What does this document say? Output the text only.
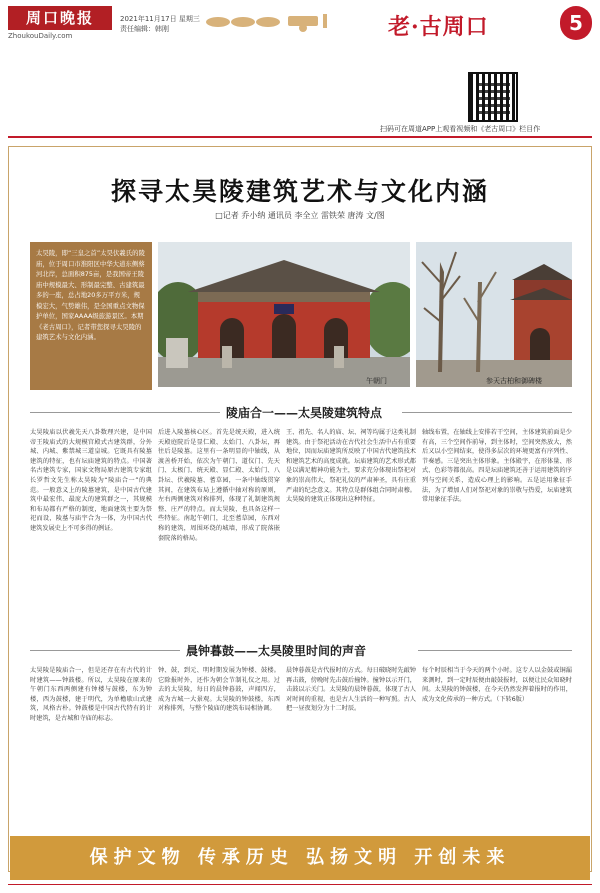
周口晚报
ZhoukouDaily.com
2021年11月17日 星期三
责任编辑：韩刚	老·古周口	5
扫码可在周道APP上观看视频和《老古周口》栏目作
探寻太昊陵建筑艺术与文化内涵
□记者 乔小纳 通讯员 李全立 雷铁荣 唐涛 文/图
太昊陵，即“三皇之首”太昊伏羲氏的陵庙，位于周口市淮阳区中华大道东侧蔡河北岸，总面积875亩，是我国帝王陵庙中规模最大、形制最完整、古建筑最多的一座，总占地20多万平方米，规模宏大，气势雄伟，是全国重点文物保护单位，国家AAAA级旅游景区。本期《老古周口》，记者带您探寻太昊陵的建筑艺术与文化内涵。
午朝门	参天古柏和御碑楼
陵庙合一——太昊陵建筑特点
太昊陵庙以伏羲先天八卦数理兴建，是中国帝王陵庙式的大规模宫殿式古建筑群，分外城、内城、紫禁城三道皇城。它既具有陵墓建筑的特征，也有坛庙建筑的特点。中国著名古建筑专家，国家文物局原古建筑专家组长罗哲文先生称太昊陵为“陵庙合一”的典范。一般意义上的陵墓建筑，是中国古代建筑中最宏伟、最庞大的建筑群之一，其规模和布局都有严格的制度，地面建筑主要为祭祀而设，陵墓与庙宇合为一体，为中国古代建筑发展史上不可多得的例证。
后进入陵墓核心区。首先是统天殿，进入统天殿庭院后是显仁殿、太始门、八卦坛，再往后是陵墓。这里有一条明显的中轴线，从渡善桥开始，依次为午朝门、道仪门、先天门、太极门、统天殿、显仁殿、太始门、八卦坛、伏羲陵墓、蓍草园，一条中轴线贯穿其间，在建筑布局上遵循中轴对称的原则，左右两侧建筑对称排列，体现了礼制建筑规整、庄严的特点。而太昊陵，也具备这样一些特征。南起午朝门，北至蓍草园，东西对称的建筑，周围环绕的城墙，形成了院落嵌套院落的格局。
王、祖先、名人的庙、坛、祠等均属于这类礼制建筑。由于祭祀活动在古代社会生活中占有重要地位，因而坛庙建筑所反映了中国古代建筑技术和建筑艺术的高度成就。坛庙建筑的艺术形式都是以满足精神功能为主，要求充分体现出祭祀对象的崇高伟大，祭祀礼仪的严肃神圣，具有庄重严肃的纪念意义。其特点是群体组合同时肃穆。太昊陵的建筑正体现出这种特征。
轴线布置，在轴线上安排若干空间，主体建筑前面是少有高，三个空间作前导，到主体时，空间突然放大，然后又以小空间结束，使得多层次的环境更富有序列性、节奏感。三是突出主体形象。主体殿宇，在形体量、形式、色彩等都很高。四是坛庙建筑还善于运用建筑的序列与空间关系，造成心理上的影响。五是运用象征手法，为了增加人们对祭祀对象的崇敬与热爱，坛庙建筑常用象征手法。
晨钟暮鼓——太昊陵里时间的声音
太昊陵是陵庙合一，但是还存在有古代的计时建筑——钟鼓楼。所以，太昊陵在原来的午朝门东西两侧建有钟楼与鼓楼，东为钟楼，西为鼓楼，建于明代，为单檐歇山式建筑，风格古朴。钟鼓楼是中国古代特有的计时建筑，是古城和寺庙的标志。
钟、鼓，到元、明时期发展为钟楼、鼓楼。它除报时外，还作为朝会节制礼仪之用。过去的太昊陵，每日的晨钟暮鼓，声闻四方，成为古城一大景观。太昊陵的钟鼓楼，东西对称排列，与整个陵庙的建筑布局相协调。
晨钟暮鼓是古代报时的方式。每日破晓时先敲钟再击鼓，傍晚时先击鼓后撞钟。撞钟以示开门，击鼓以示关门。太昊陵的晨钟暮鼓，体现了古人对时间的重视，也是古人生活的一种写照。古人把一昼夜划分为十二时辰。
每个时辰相当于今天的两个小时。这专人以金鼓或铜漏来测时，到一定时辰便由敲鼓报时，以便让民众知晓时间。太昊陵的钟鼓楼，在今天仍然发挥着报时的作用，成为文化传承的一种方式。（下转6版）
保护文物 传承历史 弘扬文明 开创未来
